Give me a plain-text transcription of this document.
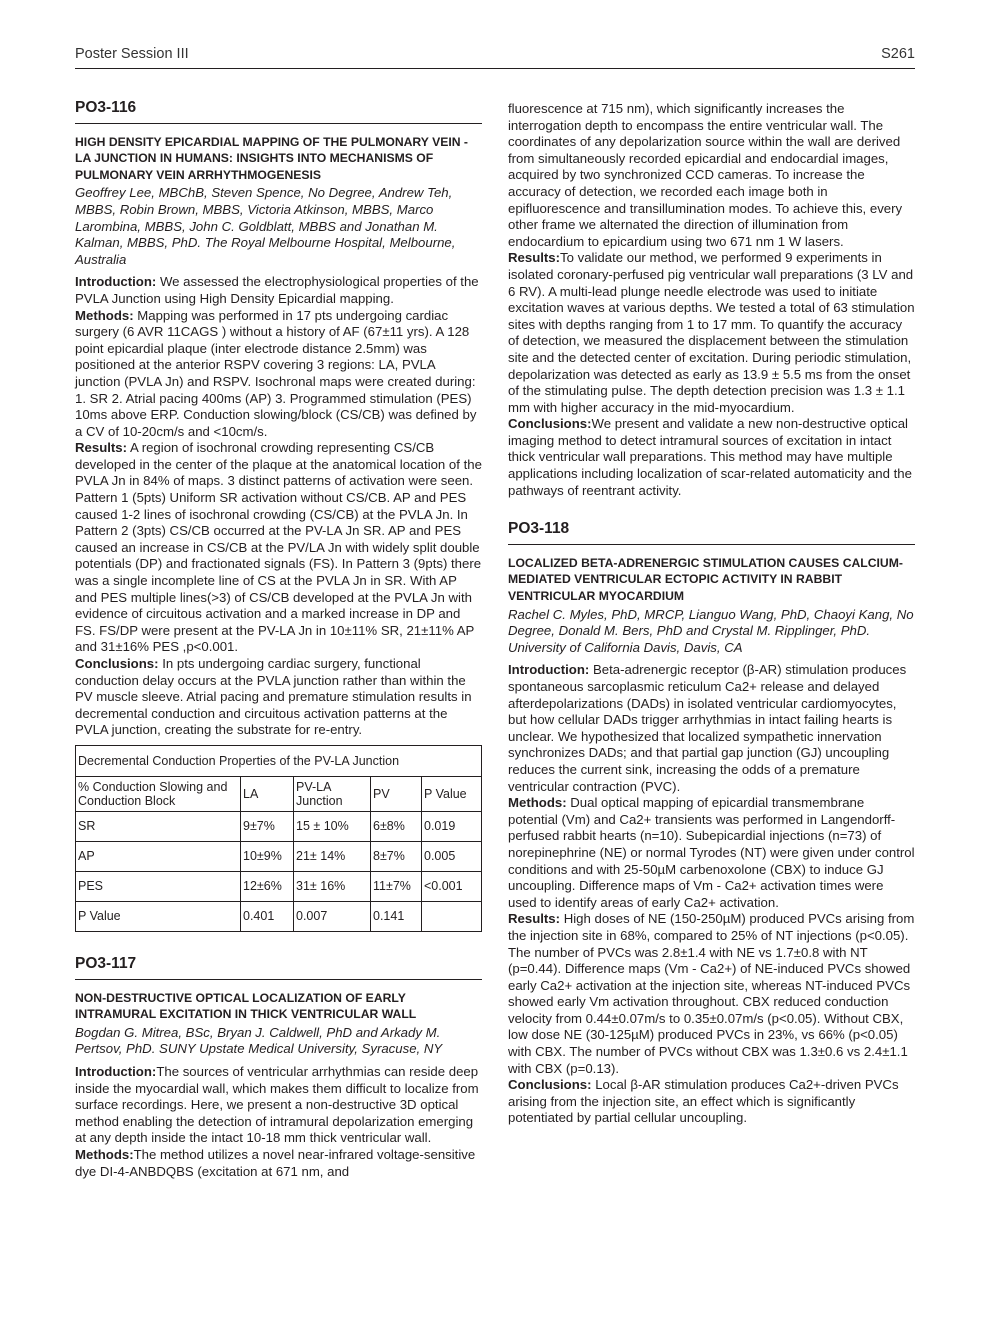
Poster Session III	S261
PO3-116
HIGH DENSITY EPICARDIAL MAPPING OF THE PULMONARY VEIN - LA JUNCTION IN HUMANS: INSIGHTS INTO MECHANISMS OF PULMONARY VEIN ARRHYTHMOGENESIS
Geoffrey Lee, MBChB, Steven Spence, No Degree, Andrew Teh, MBBS, Robin Brown, MBBS, Victoria Atkinson, MBBS, Marco Larombina, MBBS, John C. Goldblatt, MBBS and Jonathan M. Kalman, MBBS, PhD. The Royal Melbourne Hospital, Melbourne, Australia

Introduction: We assessed the electrophysiological properties of the PVLA Junction using High Density Epicardial mapping.

Methods: Mapping was performed in 17 pts undergoing cardiac surgery (6 AVR 11CAGS ) without a history of AF (67±11 yrs). A 128 point epicardial plaque (inter electrode distance 2.5mm) was positioned at the anterior RSPV covering 3 regions: LA, PVLA junction (PVLA Jn) and RSPV. Isochronal maps were created during: 1. SR 2. Atrial pacing 400ms (AP) 3. Programmed stimulation (PES) 10ms above ERP. Conduction slowing/block (CS/CB) was defined by a CV of 10-20cm/s and <10cm/s.

Results: A region of isochronal crowding representing CS/CB developed in the center of the plaque at the anatomical location of the PVLA Jn in 84% of maps. 3 distinct patterns of activation were seen. Pattern 1 (5pts) Uniform SR activation without CS/CB. AP and PES caused 1-2 lines of isochronal crowding (CS/CB) at the PVLA Jn. In Pattern 2 (3pts) CS/CB occurred at the PV-LA Jn SR. AP and PES caused an increase in CS/CB at the PV/LA Jn with widely split double potentials (DP) and fractionated signals (FS). In Pattern 3 (9pts) there was a single incomplete line of CS at the PVLA Jn in SR. With AP and PES multiple lines(>3) of CS/CB developed at the PVLA Jn with evidence of circuitous activation and a marked increase in DP and FS. FS/DP were present at the PV-LA Jn in 10±11% SR, 21±11% AP and 31±16% PES ,p<0.001.

Conclusions: In pts undergoing cardiac surgery, functional conduction delay occurs at the PVLA junction rather than within the PV muscle sleeve. Atrial pacing and premature stimulation results in decremental conduction and circuitous activation patterns at the PVLA junction, creating the substrate for re-entry.

Decremental Conduction Properties of the PV-LA Junction				
% Conduction Slowing and Conduction Block	LA	PV-LA Junction	PV	P Value
SR	9±7%	15 ± 10%	6±8%	0.019
AP	10±9%	21± 14%	8±7%	0.005
PES	12±6%	31± 16%	11±7%	<0.001
P Value	0.401	0.007	0.141	
PO3-117
NON-DESTRUCTIVE OPTICAL LOCALIZATION OF EARLY INTRAMURAL EXCITATION IN THICK VENTRICULAR WALL
Bogdan G. Mitrea, BSc, Bryan J. Caldwell, PhD and Arkady M. Pertsov, PhD. SUNY Upstate Medical University, Syracuse, NY

Introduction:The sources of ventricular arrhythmias can reside deep inside the myocardial wall, which makes them difficult to localize from surface recordings. Here, we present a non-destructive 3D optical method enabling the detection of intramural depolarization emerging at any depth inside the intact 10-18 mm thick ventricular wall.

Methods:The method utilizes a novel near-infrared voltage-sensitive dye DI-4-ANBDQBS (excitation at 671 nm, and

fluorescence at 715 nm), which significantly increases the interrogation depth to encompass the entire ventricular wall. The coordinates of any depolarization source within the wall are derived from simultaneously recorded epicardial and endocardial images, acquired by two synchronized CCD cameras. To increase the accuracy of detection, we recorded each image both in epifluorescence and transillumination modes. To achieve this, every other frame we alternated the direction of illumination from endocardium to epicardium using two 671 nm 1 W lasers.

Results:To validate our method, we performed 9 experiments in isolated coronary-perfused pig ventricular wall preparations (3 LV and 6 RV). A multi-lead plunge needle electrode was used to initiate excitation waves at various depths. We tested a total of 63 stimulation sites with depths ranging from 1 to 17 mm. To quantify the accuracy of detection, we measured the displacement between the stimulation site and the detected center of excitation. During periodic stimulation, depolarization was detected as early as 13.9 ± 5.5 ms from the onset of the stimulating pulse. The depth detection precision was 1.3 ± 1.1 mm with higher accuracy in the mid-myocardium.

Conclusions:We present and validate a new non-destructive optical imaging method to detect intramural sources of excitation in intact thick ventricular wall preparations. This method may have multiple applications including localization of scar-related automaticity and the pathways of reentrant activity.

PO3-118
LOCALIZED BETA-ADRENERGIC STIMULATION CAUSES CALCIUM-MEDIATED VENTRICULAR ECTOPIC ACTIVITY IN RABBIT VENTRICULAR MYOCARDIUM
Rachel C. Myles, PhD, MRCP, Lianguo Wang, PhD, Chaoyi Kang, No Degree, Donald M. Bers, PhD and Crystal M. Ripplinger, PhD. University of California Davis, Davis, CA

Introduction: Beta-adrenergic receptor (β-AR) stimulation produces spontaneous sarcoplasmic reticulum Ca2+ release and delayed afterdepolarizations (DADs) in isolated ventricular cardiomyocytes, but how cellular DADs trigger arrhythmias in intact failing hearts is unclear. We hypothesized that localized sympathetic innervation synchronizes DADs; and that partial gap junction (GJ) uncoupling reduces the current sink, increasing the odds of a premature ventricular contraction (PVC).

Methods: Dual optical mapping of epicardial transmembrane potential (Vm) and Ca2+ transients was performed in Langendorff-perfused rabbit hearts (n=10). Subepicardial injections (n=73) of norepinephrine (NE) or normal Tyrodes (NT) were given under control conditions and with 25-50µM carbenoxolone (CBX) to induce GJ uncoupling. Difference maps of Vm - Ca2+ activation times were used to identify areas of early Ca2+ activation.

Results: High doses of NE (150-250µM) produced PVCs arising from the injection site in 68%, compared to 25% of NT injections (p<0.05). The number of PVCs was 2.8±1.4 with NE vs 1.7±0.8 with NT (p=0.44). Difference maps (Vm - Ca2+) of NE-induced PVCs showed early Ca2+ activation at the injection site, whereas NT-induced PVCs showed early Vm activation throughout. CBX reduced conduction velocity from 0.44±0.07m/s to 0.35±0.07m/s (p<0.05). Without CBX, low dose NE (30-125µM) produced PVCs in 23%, vs 66% (p<0.05) with CBX. The number of PVCs without CBX was 1.3±0.6 vs 2.4±1.1 with CBX (p=0.13).

Conclusions: Local β-AR stimulation produces Ca2+-driven PVCs arising from the injection site, an effect which is significantly potentiated by partial cellular uncoupling.
